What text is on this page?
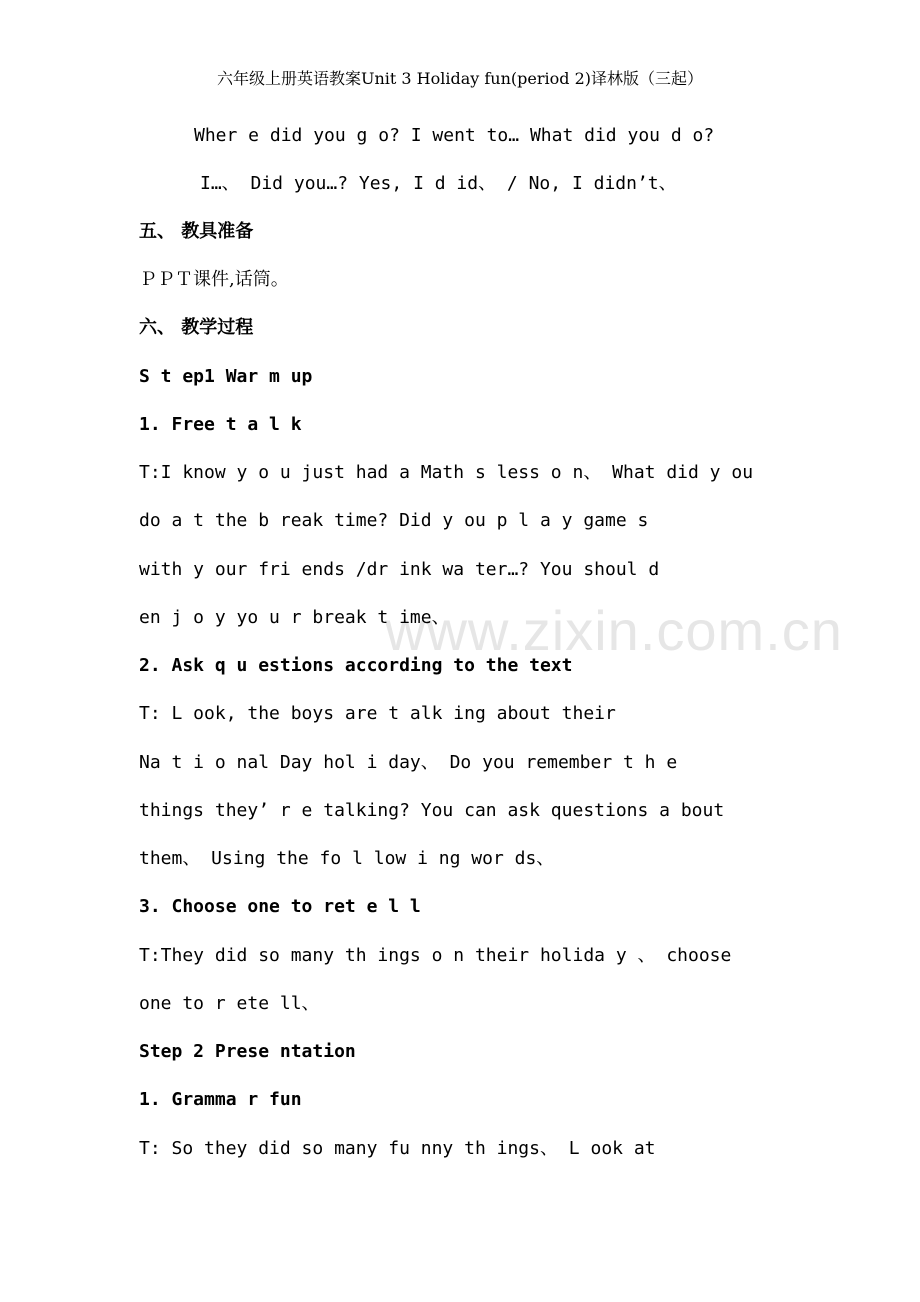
六年级上册英语教案Unit 3 Holiday fun(period 2)译林版（三起）
www.zixin.com.cn
Wher e did you g o? I went to… What did you d o?
I…、 Did you…? Yes, I d id、 / No, I didn’t、
五、 教具准备
ＰＰＴ课件,话筒。
六、 教学过程
S t ep1 War m up
1. Free t a l k
T:I know y o u just had a Math s less o n、 What did y ou
do a t the b reak time? Did y ou p l a y game s
with y our fri ends /dr ink wa ter…? You shoul d
en j o y yo u r break t ime、
2. Ask q u estions according to the text
T: L ook, the boys are t alk ing about their
Na t i o nal Day hol i day、 Do you remember t h e
things they’ r e talking? You can ask questions a bout
them、 Using the fo l low i ng wor ds、
3. Choose one to ret e l l
T:They did so many th ings o n their holida y 、 choose
one to r ete ll、
Step 2 Prese ntation
1. Gramma r fun
T: So they did so many fu nny th ings、 L ook at
